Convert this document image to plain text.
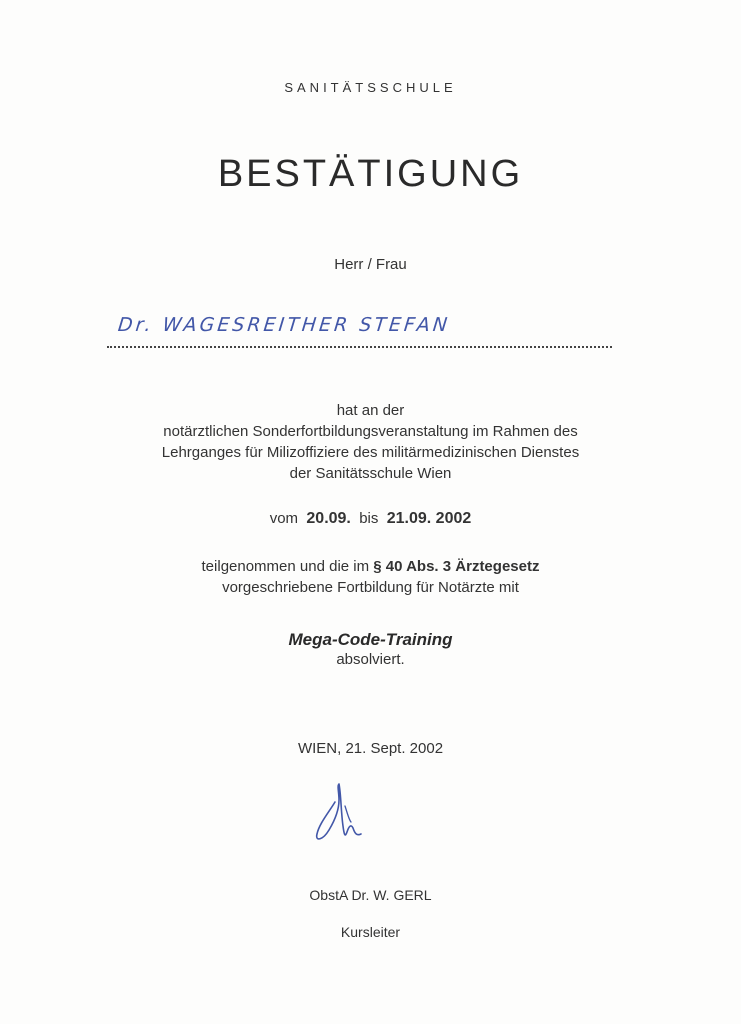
SANITÄTSSCHULE
BESTÄTIGUNG
Herr / Frau
Dr. WAGESREITHER STEFAN
hat an der
notärztlichen Sonderfortbildungsveranstaltung im Rahmen des
Lehrganges für Milizoffiziere des militärmedizinischen Dienstes
der Sanitätsschule Wien
vom 20.09. bis 21.09. 2002
teilgenommen und die im § 40 Abs. 3 Ärztegesetz
vorgeschriebene Fortbildung für Notärzte mit
Mega-Code-Training
absolviert.
WIEN, 21. Sept. 2002
ObstA Dr. W. GERL
Kursleiter
